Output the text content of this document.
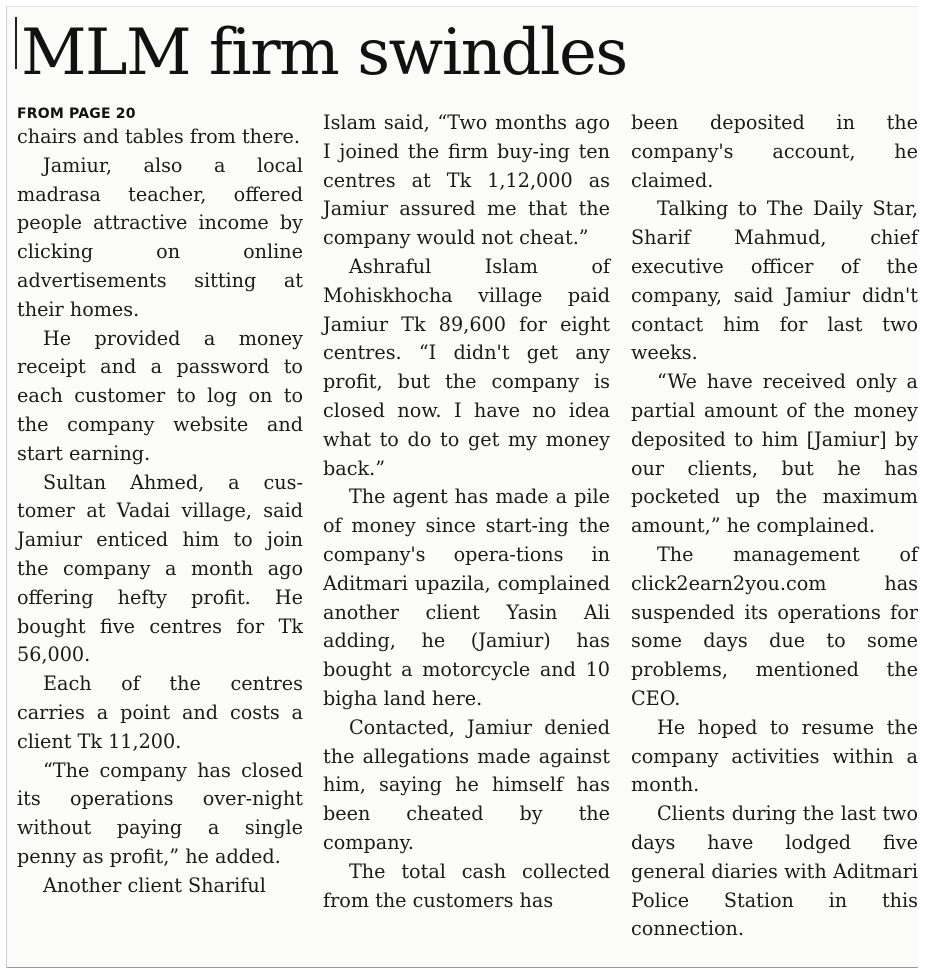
MLM firm swindles
FROM PAGE 20

chairs and tables from there.

Jamiur, also a local madrasa teacher, offered people attractive income by clicking on online advertisements sitting at their homes.

He provided a money receipt and a password to each customer to log on to the company website and start earning.

Sultan Ahmed, a cus-tomer at Vadai village, said Jamiur enticed him to join the company a month ago offering hefty profit. He bought five centres for Tk 56,000.

Each of the centres carries a point and costs a client Tk 11,200.

“The company has closed its operations over-night without paying a single penny as profit,” he added.

Another client Shariful

Islam said, “Two months ago I joined the firm buy-ing ten centres at Tk 1,12,000 as Jamiur assured me that the company would not cheat.”

Ashraful Islam of Mohiskhocha village paid Jamiur Tk 89,600 for eight centres. “I didn't get any profit, but the company is closed now. I have no idea what to do to get my money back.”

The agent has made a pile of money since start-ing the company's opera-tions in Aditmari upazila, complained another client Yasin Ali adding, he (Jamiur) has bought a motorcycle and 10 bigha land here.

Contacted, Jamiur denied the allegations made against him, saying he himself has been cheated by the company.

The total cash collected from the customers has

been deposited in the company's account, he claimed.

Talking to The Daily Star, Sharif Mahmud, chief executive officer of the company, said Jamiur didn't contact him for last two weeks.

“We have received only a partial amount of the money deposited to him [Jamiur] by our clients, but he has pocketed up the maximum amount,” he complained.

The management of click2earn2you.com has suspended its operations for some days due to some problems, mentioned the CEO.

He hoped to resume the company activities within a month.

Clients during the last two days have lodged five general diaries with Aditmari Police Station in this connection.
